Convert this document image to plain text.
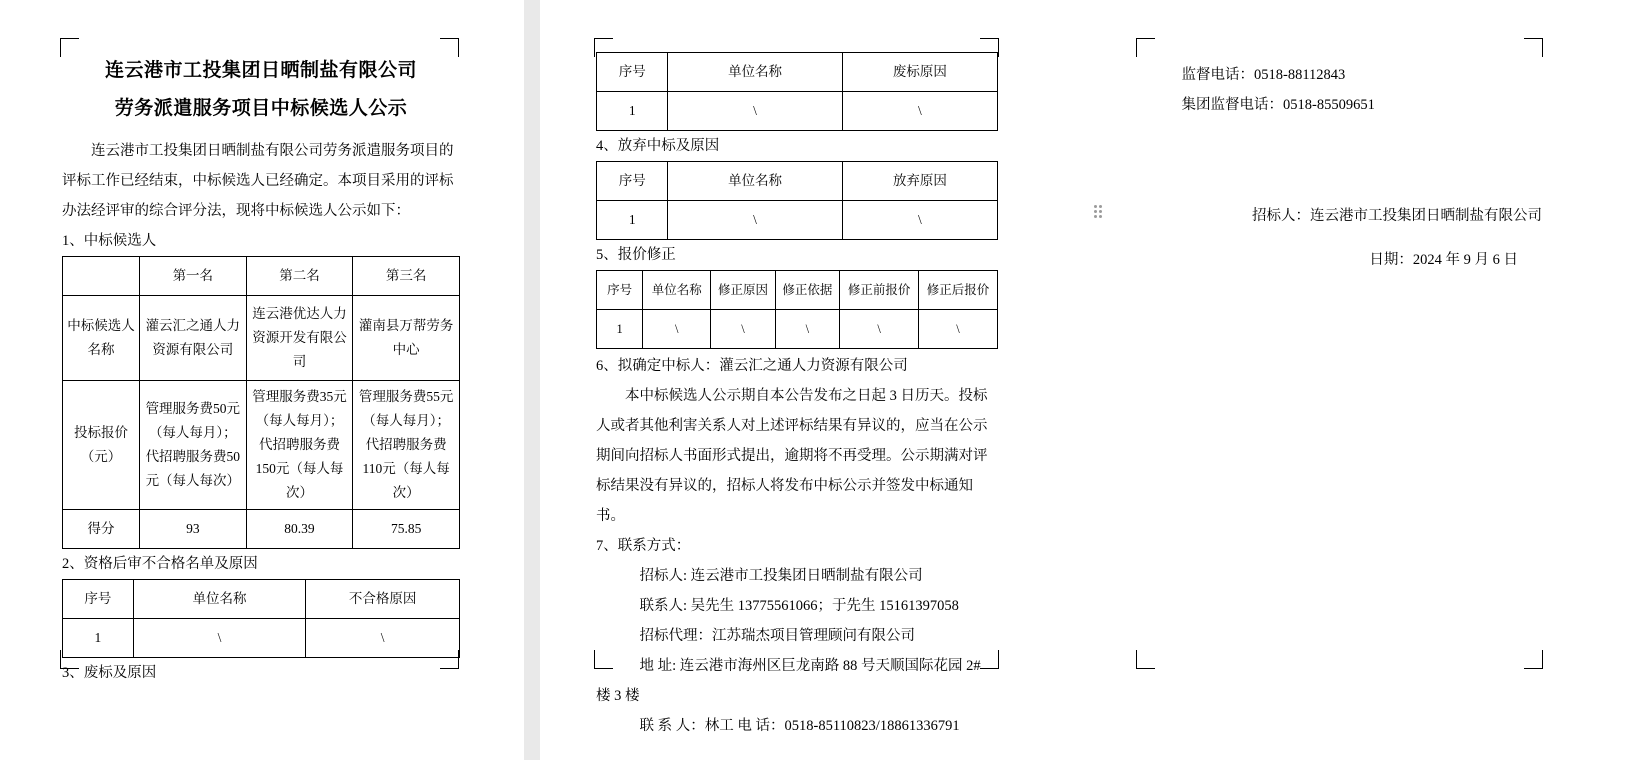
连云港市工投集团日晒制盐有限公司
劳务派遣服务项目中标候选人公示

连云港市工投集团日晒制盐有限公司劳务派遣服务项目的评标工作已经结束，中标候选人已经确定。本项目采用的评标办法经评审的综合评分法，现将中标候选人公示如下：

1、中标候选人

	第一名	第二名	第三名
中标候选人名称	灌云汇之通人力资源有限公司	连云港优达人力资源开发有限公司	灌南县万帮劳务中心
投标报价（元）	管理服务费50元（每人每月）；代招聘服务费50元（每人每次）	管理服务费35元（每人每月）；代招聘服务费150元（每人每次）	管理服务费55元（每人每月）；代招聘服务费110元（每人每次）
得分	93	80.39	75.85

2、资格后审不合格名单及原因

序号	单位名称	不合格原因
1	\	\

3、废标及原因

序号	单位名称	废标原因
1	\	\

4、放弃中标及原因

序号	单位名称	放弃原因
1	\	\

5、报价修正

序号	单位名称	修正原因	修正依据	修正前报价	修正后报价
1	\	\	\	\	\

6、拟确定中标人：灌云汇之通人力资源有限公司

本中标候选人公示期自本公告发布之日起 3 日历天。投标人或者其他利害关系人对上述评标结果有异议的，应当在公示期间向招标人书面形式提出，逾期将不再受理。公示期满对评标结果没有异议的，招标人将发布中标公示并签发中标通知书。

7、联系方式：

招标人: 连云港市工投集团日晒制盐有限公司

联系人: 吴先生 13775561066；于先生 15161397058

招标代理：江苏瑞杰项目管理顾问有限公司

地 址: 连云港市海州区巨龙南路 88 号天顺国际花园 2#

楼 3 楼

联 系 人：林工 电 话：0518-85110823/18861336791

监督电话：0518-88112843

集团监督电话：0518-85509651

招标人：连云港市工投集团日晒制盐有限公司

日期：2024 年 9 月 6 日
